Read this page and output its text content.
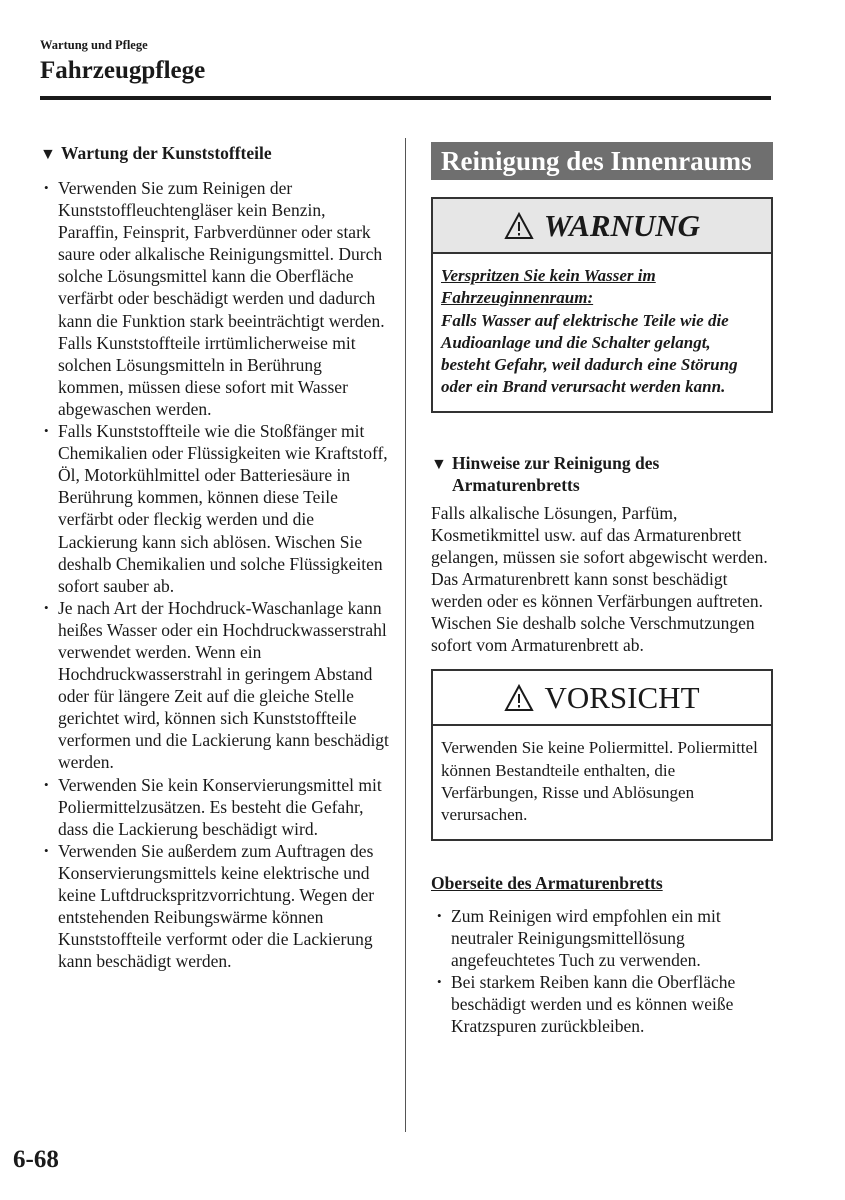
Wartung und Pflege
Fahrzeugpflege
▼ Wartung der Kunststoffteile
• Verwenden Sie zum Reinigen der Kunststoffleuchtengläser kein Benzin, Paraffin, Feinsprit, Farbverdünner oder stark saure oder alkalische Reinigungsmittel. Durch solche Lösungsmittel kann die Oberfläche verfärbt oder beschädigt werden und dadurch kann die Funktion stark beeinträchtigt werden. Falls Kunststoffteile irrtümlicherweise mit solchen Lösungsmitteln in Berührung kommen, müssen diese sofort mit Wasser abgewaschen werden.
• Falls Kunststoffteile wie die Stoßfänger mit Chemikalien oder Flüssigkeiten wie Kraftstoff, Öl, Motorkühlmittel oder Batteriesäure in Berührung kommen, können diese Teile verfärbt oder fleckig werden und die Lackierung kann sich ablösen. Wischen Sie deshalb Chemikalien und solche Flüssigkeiten sofort sauber ab.
• Je nach Art der Hochdruck-Waschanlage kann heißes Wasser oder ein Hochdruckwasserstrahl verwendet werden. Wenn ein Hochdruckwasserstrahl in geringem Abstand oder für längere Zeit auf die gleiche Stelle gerichtet wird, können sich Kunststoffteile verformen und die Lackierung kann beschädigt werden.
• Verwenden Sie kein Konservierungsmittel mit Poliermittelzusätzen. Es besteht die Gefahr, dass die Lackierung beschädigt wird.
• Verwenden Sie außerdem zum Auftragen des Konservierungsmittels keine elektrische und keine Luftdruckspritzvorrichtung. Wegen der entstehenden Reibungswärme können Kunststoffteile verformt oder die Lackierung kann beschädigt werden.
Reinigung des Innenraums
WARNUNG
Verspritzen Sie kein Wasser im
Fahrzeuginnenraum:
Falls Wasser auf elektrische Teile wie die Audioanlage und die Schalter gelangt, besteht Gefahr, weil dadurch eine Störung oder ein Brand verursacht werden kann.
▼ Hinweise zur Reinigung des Armaturenbretts
Falls alkalische Lösungen, Parfüm, Kosmetikmittel usw. auf das Armaturenbrett gelangen, müssen sie sofort abgewischt werden. Das Armaturenbrett kann sonst beschädigt werden oder es können Verfärbungen auftreten. Wischen Sie deshalb solche Verschmutzungen sofort vom Armaturenbrett ab.
VORSICHT
Verwenden Sie keine Poliermittel. Poliermittel können Bestandteile enthalten, die Verfärbungen, Risse und Ablösungen verursachen.
Oberseite des Armaturenbretts
• Zum Reinigen wird empfohlen ein mit neutraler Reinigungsmittellösung angefeuchtetes Tuch zu verwenden.
• Bei starkem Reiben kann die Oberfläche beschädigt werden und es können weiße Kratzspuren zurückbleiben.
6-68
